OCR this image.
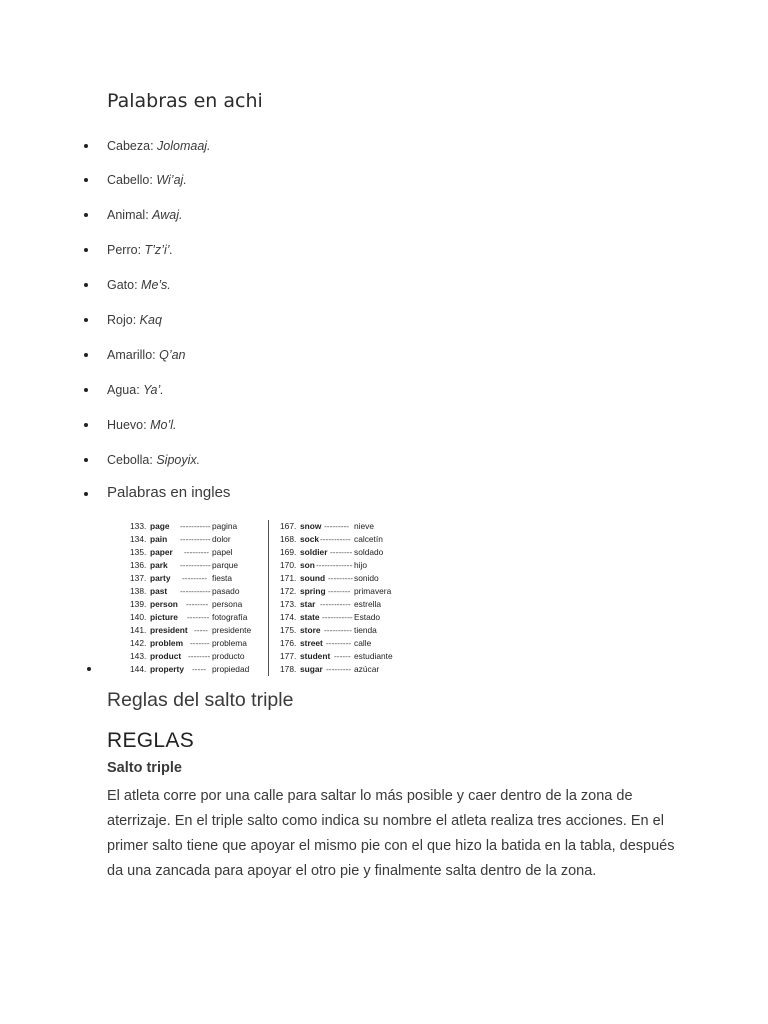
Palabras en achi
Cabeza: Jolomaaj.
Cabello: Wi’aj.
Animal: Awaj.
Perro: T’z’i’.
Gato: Me’s.
Rojo: Kaq
Amarillo: Q’an
Agua: Ya’.
Huevo: Mo’l.
Cebolla: Sipoyix.
Palabras en ingles
133. page ----------- pagina
134. pain ----------- dolor
135. paper --------- papel
136. park ----------- parque
137. party --------- fiesta
138. past ----------- pasado
139. person -------- persona
140. picture -------- fotografía
141. president ----- presidente
142. problem ------- problema
143. product -------- producto
144. property ----- propiedad
167. snow --------- nieve
168. sock ----------- calcetín
169. soldier -------- soldado
170. son ------------- hijo
171. sound --------- sonido
172. spring -------- primavera
173. star ----------- estrella
174. state ----------- Estado
175. store ---------- tienda
176. street --------- calle
177. student ------ estudiante
178. sugar --------- azúcar
Reglas del salto triple
REGLAS
Salto triple

El atleta corre por una calle para saltar lo más posible y caer dentro de la zona de aterrizaje. En el triple salto como indica su nombre el atleta realiza tres acciones. En el primer salto tiene que apoyar el mismo pie con el que hizo la batida en la tabla, después da una zancada para apoyar el otro pie y finalmente salta dentro de la zona.
